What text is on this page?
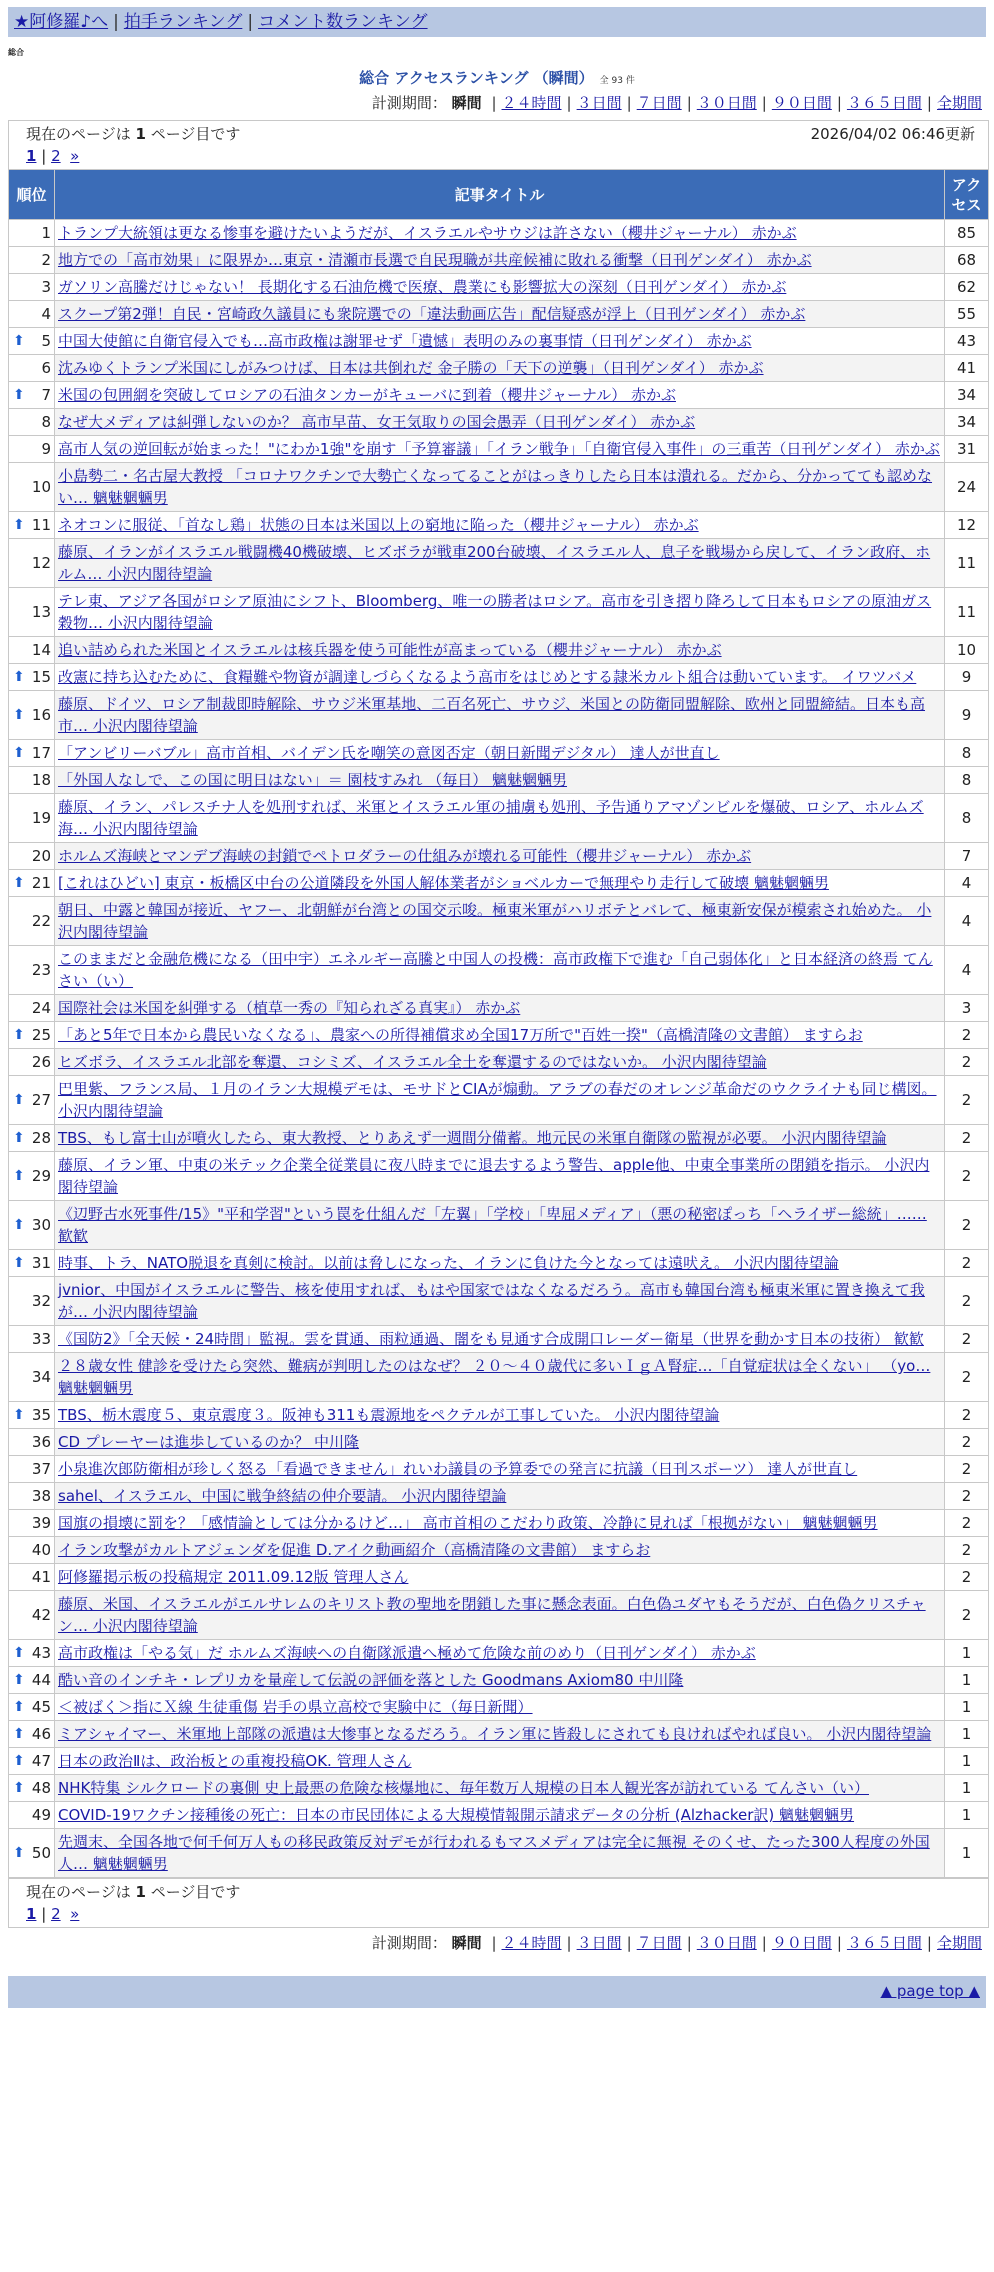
★阿修羅♪へ | 拍手ランキング | コメント数ランキング
総合
総合 アクセスランキング （瞬間） 全 93 件
計測期間： 瞬間 | ２４時間 | ３日間 | ７日間 | ３０日間 | ９０日間 | ３６５日間 | 全期間
現在のページは 1 ページ目です 2026/04/02 06:46更新
1 | 2 »		

順位	記事タイトル	アクセス
1	トランプ大統領は更なる惨事を避けたいようだが、イスラエルやサウジは許さない（櫻井ジャーナル） 赤かぶ	85
2	地方での「高市効果」に限界か…東京・清瀬市長選で自民現職が共産候補に敗れる衝撃（日刊ゲンダイ） 赤かぶ	68
3	ガソリン高騰だけじゃない！ 長期化する石油危機で医療、農業にも影響拡大の深刻（日刊ゲンダイ） 赤かぶ	62
4	スクープ第2弾！自民・宮崎政久議員にも衆院選での「違法動画広告」配信疑惑が浮上（日刊ゲンダイ） 赤かぶ	55

⬆ 5	中国大使館に自衛官侵入でも…高市政権は謝罪せず「遺憾」表明のみの裏事情（日刊ゲンダイ） 赤かぶ	43
6	沈みゆくトランプ米国にしがみつけば、日本は共倒れだ 金子勝の「天下の逆襲」（日刊ゲンダイ） 赤かぶ	41

⬆ 7	米国の包囲網を突破してロシアの石油タンカーがキューバに到着（櫻井ジャーナル） 赤かぶ	34
8	なぜ大メディアは糾弾しないのか？ 高市早苗、女王気取りの国会愚弄（日刊ゲンダイ） 赤かぶ	34
9	高市人気の逆回転が始まった！"にわか1強"を崩す「予算審議」「イラン戦争」「自衛官侵入事件」の三重苦（日刊ゲンダイ） 赤かぶ	31
10	小島勢二・名古屋大教授 「コロナワクチンで大勢亡くなってることがはっきりしたら日本は潰れる。だから、分かってても認めない… 魑魅魍魎男	24

⬆ 11	ネオコンに服従、「首なし鶏」状態の日本は米国以上の窮地に陥った（櫻井ジャーナル） 赤かぶ	12
12	藤原、イランがイスラエル戦闘機40機破壊、ヒズボラが戦車200台破壊、イスラエル人、息子を戦場から戻して、イラン政府、ホルム… 小沢内閣待望論	11
13	テレ東、アジア各国がロシア原油にシフト、Bloomberg、唯一の勝者はロシア。高市を引き摺り降ろして日本もロシアの原油ガス穀物… 小沢内閣待望論	11
14	追い詰められた米国とイスラエルは核兵器を使う可能性が高まっている（櫻井ジャーナル） 赤かぶ	10

⬆ 15	改憲に持ち込むために、食糧難や物資が調達しづらくなるよう高市をはじめとする隷米カルト組合は動いています。 イワツバメ	9

⬆ 16	藤原、ドイツ、ロシア制裁即時解除、サウジ米軍基地、二百名死亡、サウジ、米国との防衛同盟解除、欧州と同盟締結。日本も高市… 小沢内閣待望論	9

⬆ 17	「アンビリーバブル」高市首相、バイデン氏を嘲笑の意図否定（朝日新聞デジタル） 達人が世直し	8
18	「外国人なしで、この国に明日はない」＝ 園枝すみれ （毎日） 魑魅魍魎男	8
19	藤原、イラン、パレスチナ人を処刑すれば、米軍とイスラエル軍の捕虜も処刑、予告通りアマゾンビルを爆破、ロシア、ホルムズ海… 小沢内閣待望論	8
20	ホルムズ海峡とマンデブ海峡の封鎖でペトロダラーの仕組みが壊れる可能性（櫻井ジャーナル） 赤かぶ	7

⬆ 21	[これはひどい] 東京・板橋区中台の公道隣段を外国人解体業者がショベルカーで無理やり走行して破壊 魑魅魍魎男	4
22	朝日、中露と韓国が接近、ヤフー、北朝鮮が台湾との国交示唆。極東米軍がハリボテとバレて、極東新安保が模索され始めた。 小沢内閣待望論	4
23	このままだと金融危機になる（田中宇）エネルギー高騰と中国人の投機：高市政権下で進む「自己弱体化」と日本経済の終焉 てんさい（い）	4
24	国際社会は米国を糾弾する（植草一秀の『知られざる真実』） 赤かぶ	3

⬆ 25	「あと5年で日本から農民いなくなる」、農家への所得補償求め全国17万所で"百姓一揆"（高橋清隆の文書館） ますらお	2
26	ヒズボラ、イスラエル北部を奪還、コシミズ、イスラエル全土を奪還するのではないか。 小沢内閣待望論	2

⬆ 27	巴里紫、フランス局、１月のイラン大規模デモは、モサドとCIAが煽動。アラブの春だのオレンジ革命だのウクライナも同じ構図。 小沢内閣待望論	2

⬆ 28	TBS、もし富士山が噴火したら、東大教授、とりあえず一週間分備蓄。地元民の米軍自衛隊の監視が必要。 小沢内閣待望論	2

⬆ 29	藤原、イラン軍、中東の米テック企業全従業員に夜八時までに退去するよう警告、apple他、中東全事業所の閉鎖を指示。 小沢内閣待望論	2

⬆ 30	《辺野古水死事件/15》"平和学習"という罠を仕組んだ「左翼」「学校」「卑屈メディア」（悪の秘密ぽっち「ヘライザー総統」…… 歓歓	2

⬆ 31	時事、トラ、NATO脱退を真剣に検討。以前は脅しになった、イランに負けた今となっては遠吠え。 小沢内閣待望論	2
32	jvnior、中国がイスラエルに警告、核を使用すれば、もはや国家ではなくなるだろう。高市も韓国台湾も極東米軍に置き換えて我が… 小沢内閣待望論	2
33	《国防2》「全天候・24時間」監視。雲を貫通、雨粒通過、闇をも見通す合成開口レーダー衛星（世界を動かす日本の技術） 歓歓	2
34	２８歳女性 健診を受けたら突然、難病が判明したのはなぜ？ ２０～４０歳代に多いＩｇＡ腎症…「自覚症状は全くない」 （yo… 魑魅魍魎男	2

⬆ 35	TBS、栃木震度５、東京震度３。阪神も311も震源地をペクテルが工事していた。 小沢内閣待望論	2
36	CD プレーヤーは進歩しているのか？ 中川隆	2
37	小泉進次郎防衛相が珍しく怒る「看過できません」れいわ議員の予算委での発言に抗議（日刊スポーツ） 達人が世直し	2
38	sahel、イスラエル、中国に戦争終結の仲介要請。 小沢内閣待望論	2
39	国旗の損壊に罰を？「感情論としては分かるけど…」 高市首相のこだわり政策、冷静に見れば「根拠がない」 魑魅魍魎男	2
40	イラン攻撃がカルトアジェンダを促進 D.アイク動画紹介（高橋清隆の文書館） ますらお	2
41	阿修羅掲示板の投稿規定 2011.09.12版 管理人さん	2
42	藤原、米国、イスラエルがエルサレムのキリスト教の聖地を閉鎖した事に懸念表面。白色偽ユダヤもそうだが、白色偽クリスチャン… 小沢内閣待望論	2

⬆ 43	高市政権は「やる気」だ ホルムズ海峡への自衛隊派遣へ極めて危険な前のめり（日刊ゲンダイ） 赤かぶ	1

⬆ 44	酷い音のインチキ・レプリカを量産して伝説の評価を落とした Goodmans Axiom80 中川隆	1

⬆ 45	＜被ばく＞指にＸ線 生徒重傷 岩手の県立高校で実験中に（毎日新聞）	1

⬆ 46	ミアシャイマー、米軍地上部隊の派遣は大惨事となるだろう。イラン軍に皆殺しにされても良ければやれば良い。 小沢内閣待望論	1

⬆ 47	日本の政治Ⅱは、政治板との重複投稿OK. 管理人さん	1

⬆ 48	NHK特集 シルクロードの裏側 史上最悪の危険な核爆地に、毎年数万人規模の日本人観光客が訪れている てんさい（い）	1
49	COVID-19ワクチン接種後の死亡：日本の市民団体による大規模情報開示請求データの分析 (Alzhacker訳) 魑魅魍魎男	1

⬆ 50	先週末、全国各地で何千何万人もの移民政策反対デモが行われるもマスメディアは完全に無視 そのくせ、たった300人程度の外国人… 魑魅魍魎男	1
現在のページは 1 ページ目です
1 | 2 »
計測期間： 瞬間 | ２４時間 | ３日間 | ７日間 | ３０日間 | ９０日間 | ３６５日間 | 全期間
▲ page top ▲
